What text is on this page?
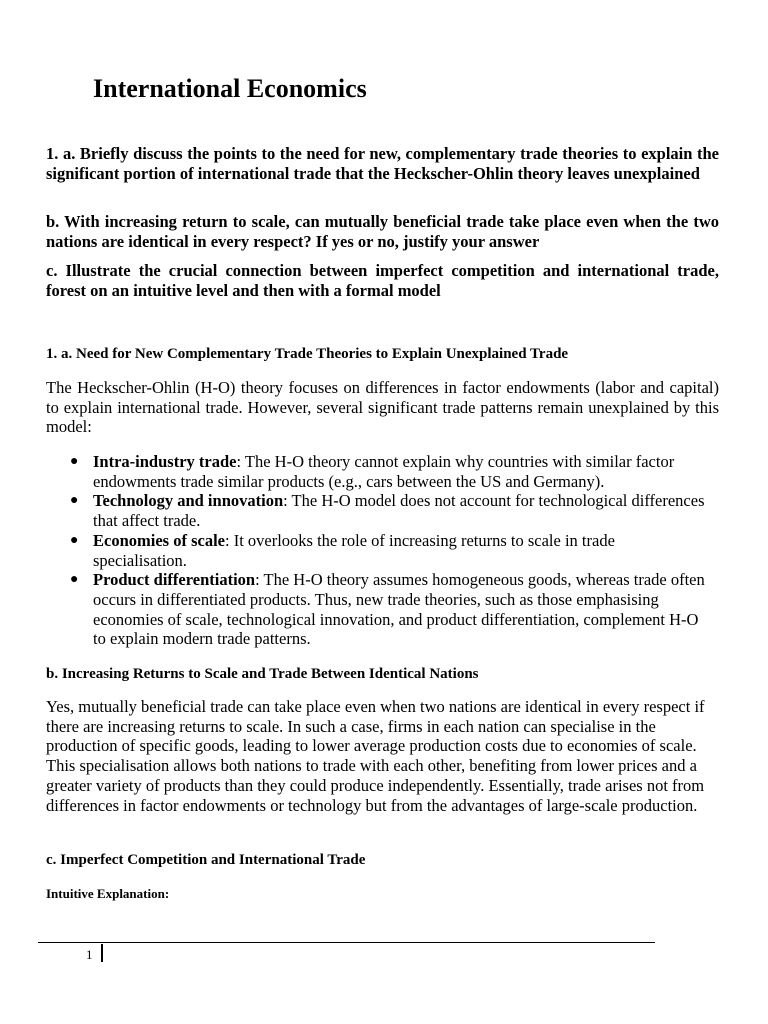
International Economics

1. a. Briefly discuss the points to the need for new, complementary trade theories to explain the significant portion of international trade that the Heckscher-Ohlin theory leaves unexplained

b. With increasing return to scale, can mutually beneficial trade take place even when the two nations are identical in every respect? If yes or no, justify your answer

c. Illustrate the crucial connection between imperfect competition and international trade, forest on an intuitive level and then with a formal model

1. a. Need for New Complementary Trade Theories to Explain Unexplained Trade

The Heckscher-Ohlin (H-O) theory focuses on differences in factor endowments (labor and capital) to explain international trade. However, several significant trade patterns remain unexplained by this model:

● Intra-industry trade: The H-O theory cannot explain why countries with similar factor endowments trade similar products (e.g., cars between the US and Germany).
● Technology and innovation: The H-O model does not account for technological differences that affect trade.
● Economies of scale: It overlooks the role of increasing returns to scale in trade specialisation.
● Product differentiation: The H-O theory assumes homogeneous goods, whereas trade often occurs in differentiated products. Thus, new trade theories, such as those emphasising economies of scale, technological innovation, and product differentiation, complement H-O to explain modern trade patterns.
b. Increasing Returns to Scale and Trade Between Identical Nations

Yes, mutually beneficial trade can take place even when two nations are identical in every respect if there are increasing returns to scale. In such a case, firms in each nation can specialise in the production of specific goods, leading to lower average production costs due to economies of scale. This specialisation allows both nations to trade with each other, benefiting from lower prices and a greater variety of products than they could produce independently. Essentially, trade arises not from differences in factor endowments or technology but from the advantages of large-scale production.

c. Imperfect Competition and International Trade
Intuitive Explanation:
1
